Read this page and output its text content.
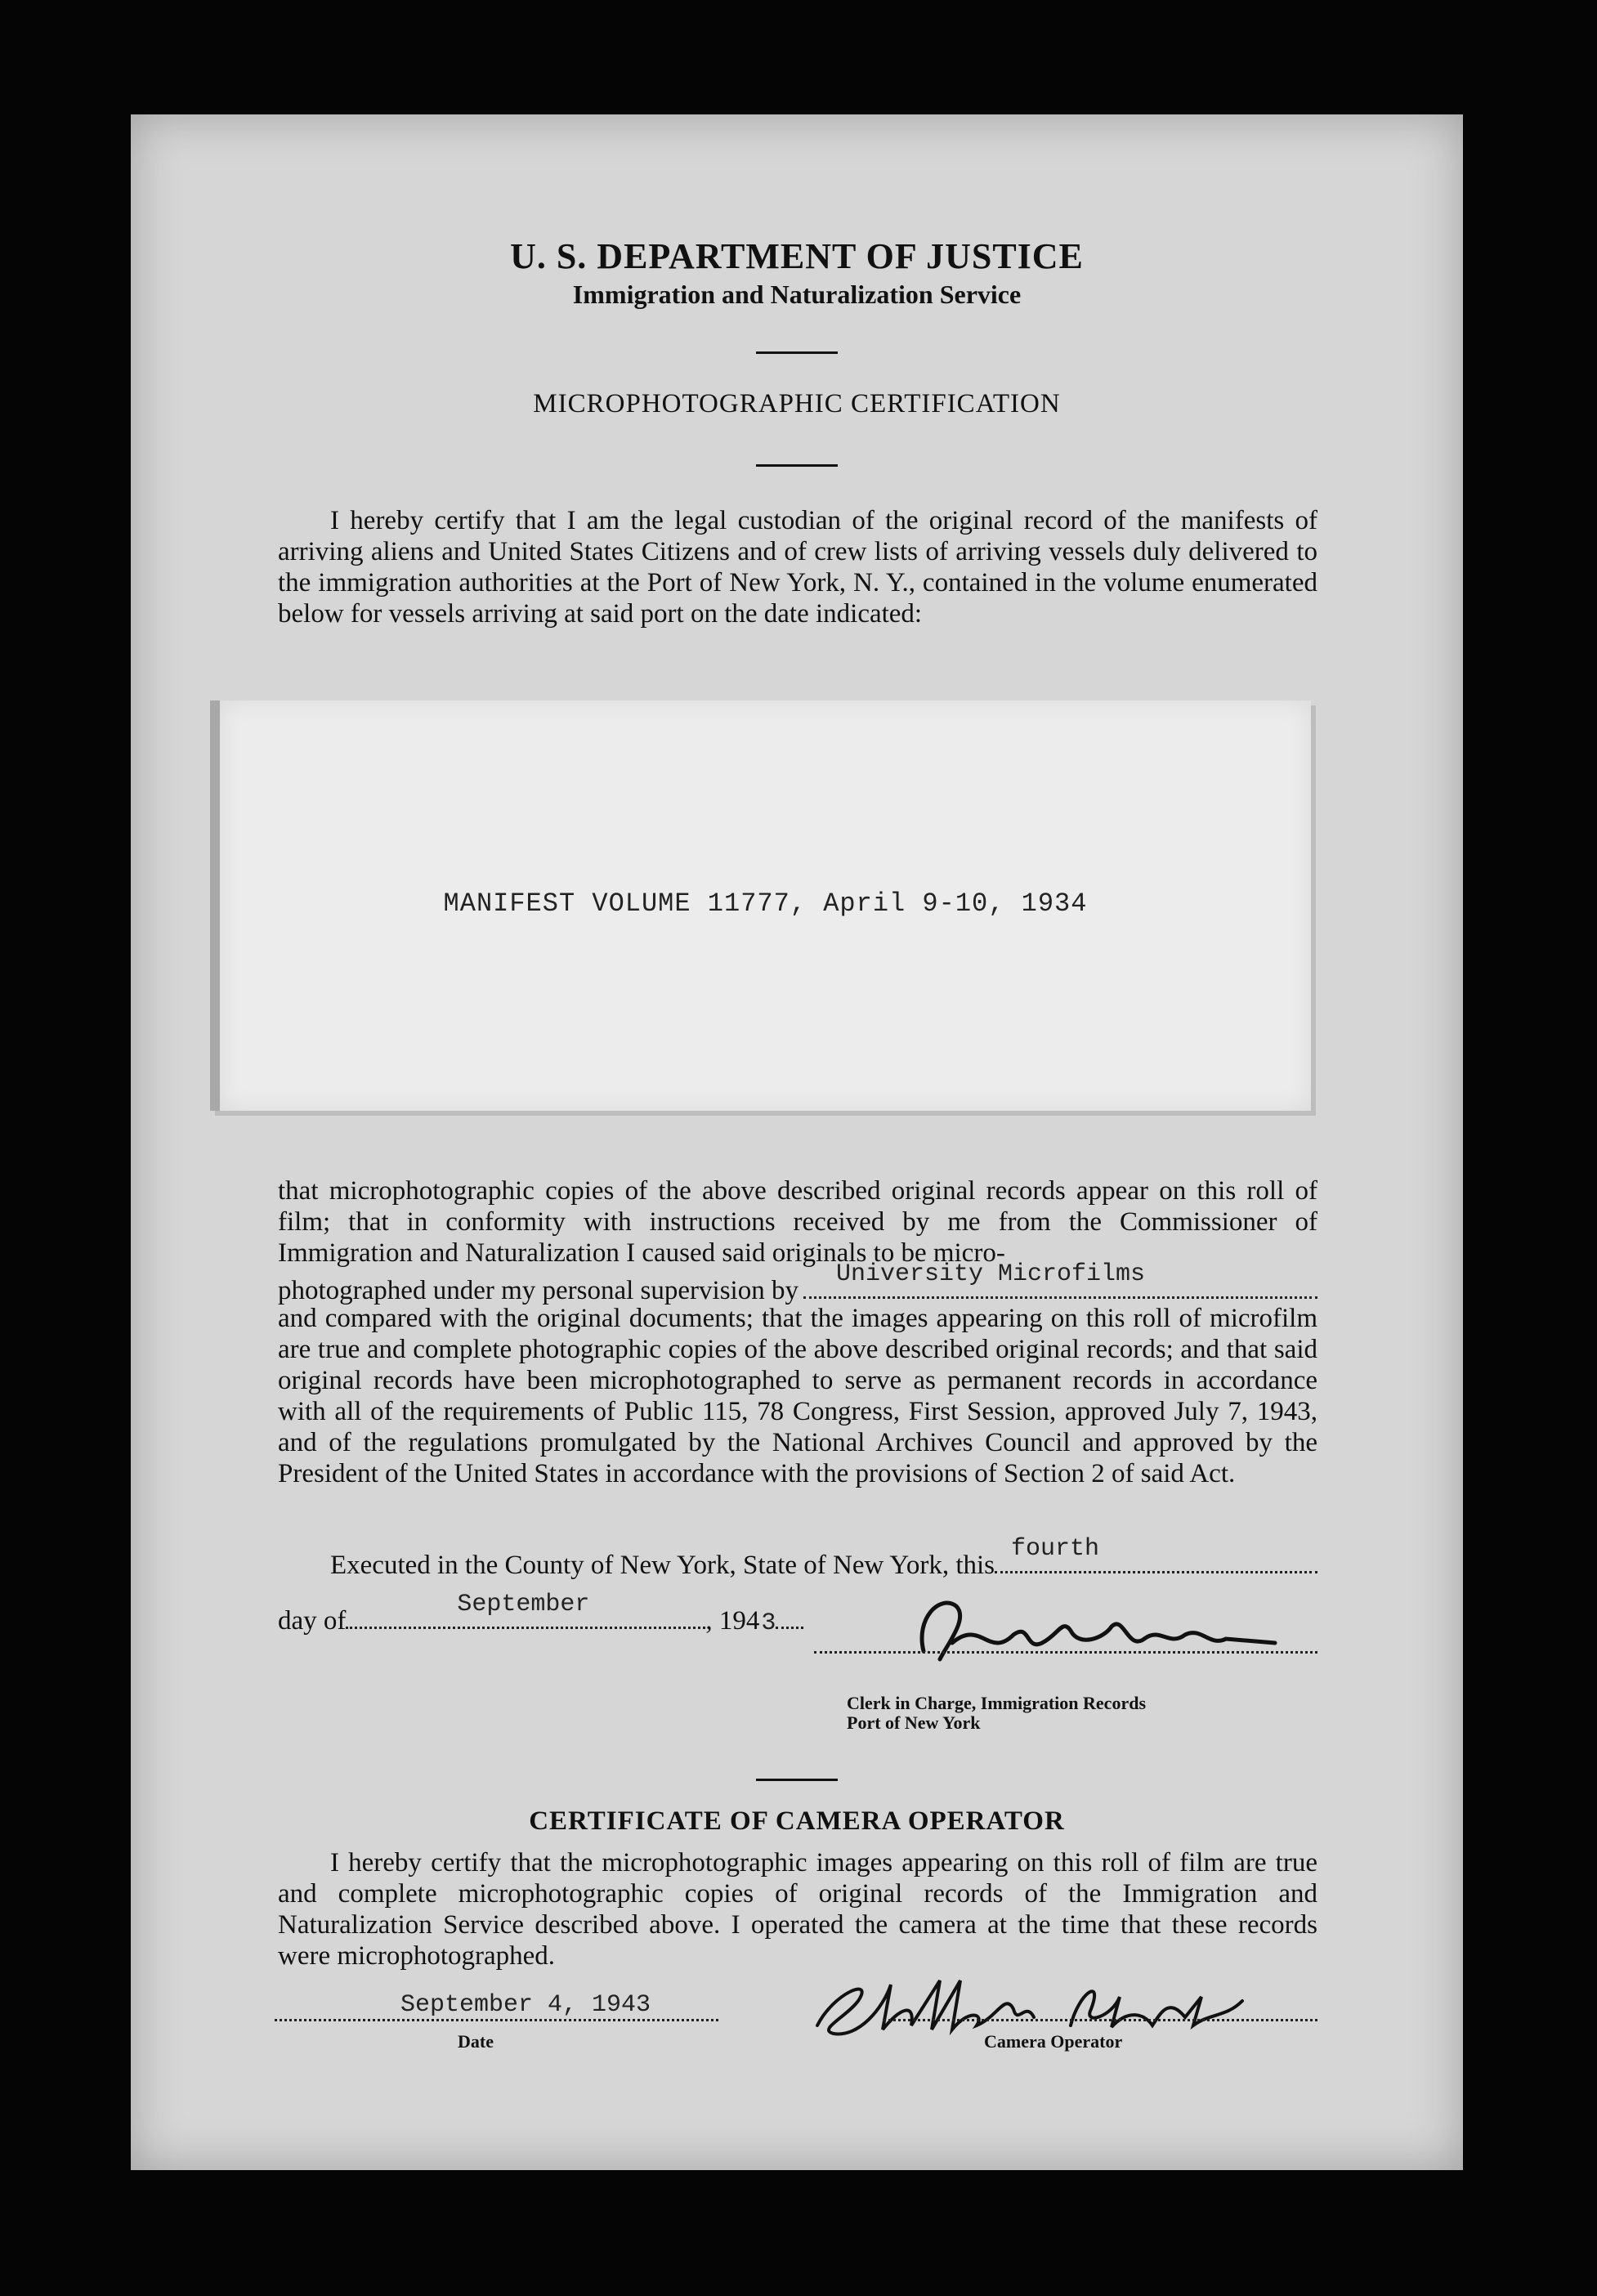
U. S. DEPARTMENT OF JUSTICE
Immigration and Naturalization Service
MICROPHOTOGRAPHIC CERTIFICATION
I hereby certify that I am the legal custodian of the original record of the manifests of arriving aliens and United States Citizens and of crew lists of arriving vessels duly delivered to the immigration authorities at the Port of New York, N. Y., contained in the volume enumerated below for vessels arriving at said port on the date indicated:
MANIFEST VOLUME 11777, April 9-10, 1934
that microphotographic copies of the above described original records appear on this roll of film; that in conformity with instructions received by me from the Commissioner of Immigration and Naturalization I caused said originals to be micro-
photographed under my personal supervision by
University Microfilms
and compared with the original documents; that the images appearing on this roll of microfilm are true and complete photographic copies of the above described original records; and that said original records have been microphotographed to serve as permanent records in accordance with all of the requirements of Public 115, 78 Congress, First Session, approved July 7, 1943, and of the regulations promulgated by the National Archives Council and approved by the President of the United States in accordance with the provisions of Section 2 of said Act.
Executed in the County of New York, State of New York, this
fourth
day of
September
, 194 3
Clerk in Charge, Immigration Records
Port of New York
CERTIFICATE OF CAMERA OPERATOR
I hereby certify that the microphotographic images appearing on this roll of film are true and complete microphotographic copies of original records of the Immigration and Naturalization Service described above. I operated the camera at the time that these records were microphotographed.
September 4, 1943
Date	Camera Operator
